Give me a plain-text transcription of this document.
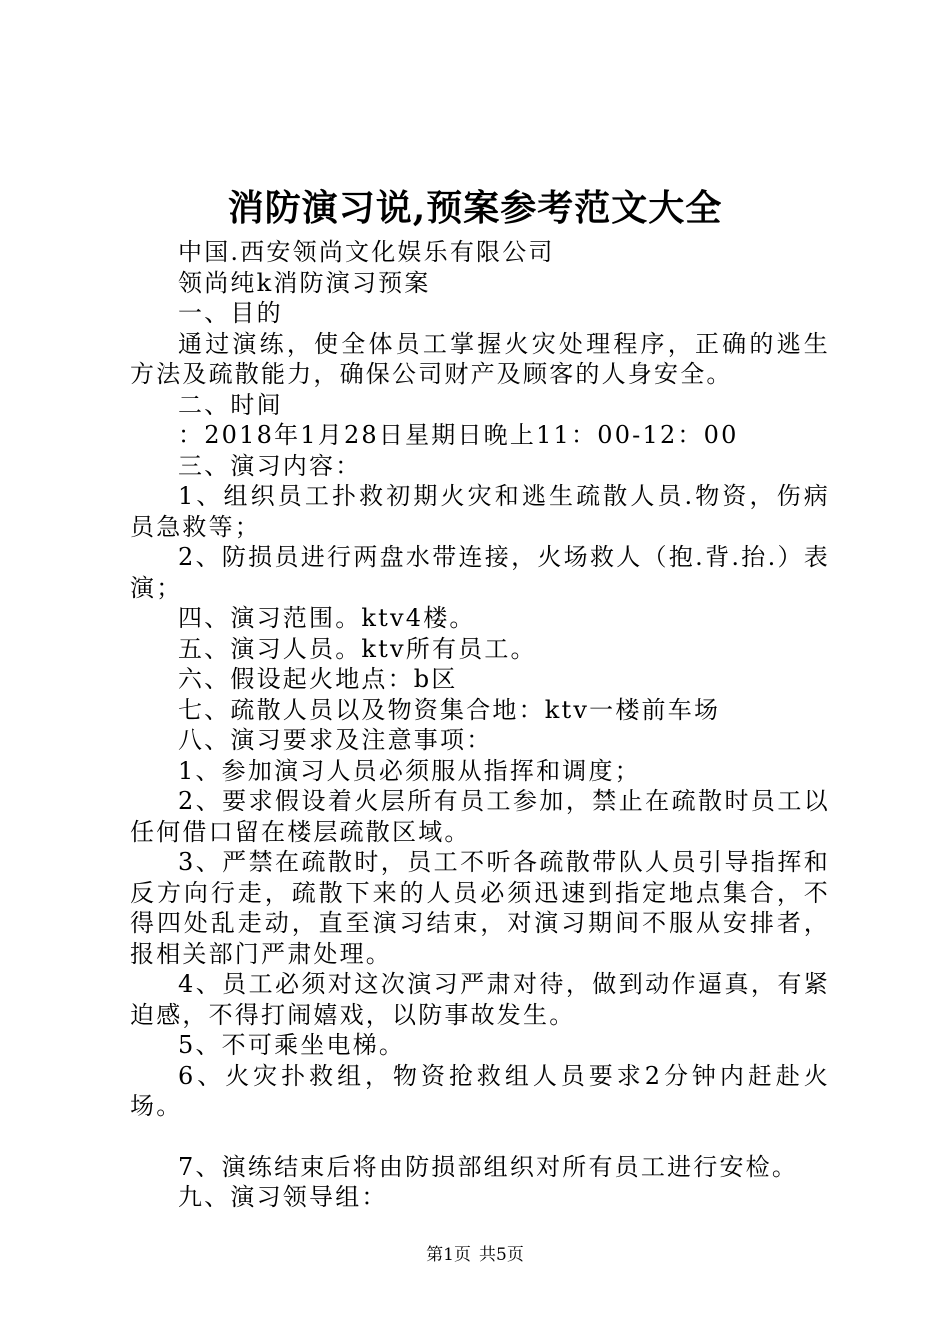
消防演习说,预案参考范文大全

中国.西安领尚文化娱乐有限公司

领尚纯k消防演习预案

一、目的

通过演练，使全体员工掌握火灾处理程序，正确的逃生方法及疏散能力，确保公司财产及顾客的人身安全。

二、时间

：2018年1月28日星期日晚上11：00-12：00

三、演习内容：

1、组织员工扑救初期火灾和逃生疏散人员.物资，伤病员急救等；

2、防损员进行两盘水带连接，火场救人（抱.背.抬.）表演；

四、演习范围。ktv4楼。

五、演习人员。ktv所有员工。

六、假设起火地点：b区

七、疏散人员以及物资集合地：ktv一楼前车场

八、演习要求及注意事项：

1、参加演习人员必须服从指挥和调度；

2、要求假设着火层所有员工参加，禁止在疏散时员工以任何借口留在楼层疏散区域。

3、严禁在疏散时，员工不听各疏散带队人员引导指挥和反方向行走，疏散下来的人员必须迅速到指定地点集合，不得四处乱走动，直至演习结束，对演习期间不服从安排者，报相关部门严肃处理。

4、员工必须对这次演习严肃对待，做到动作逼真，有紧迫感，不得打闹嬉戏，以防事故发生。

5、不可乘坐电梯。

6、火灾扑救组，物资抢救组人员要求2分钟内赶赴火场。

7、演练结束后将由防损部组织对所有员工进行安检。

九、演习领导组：

第1页 共5页
